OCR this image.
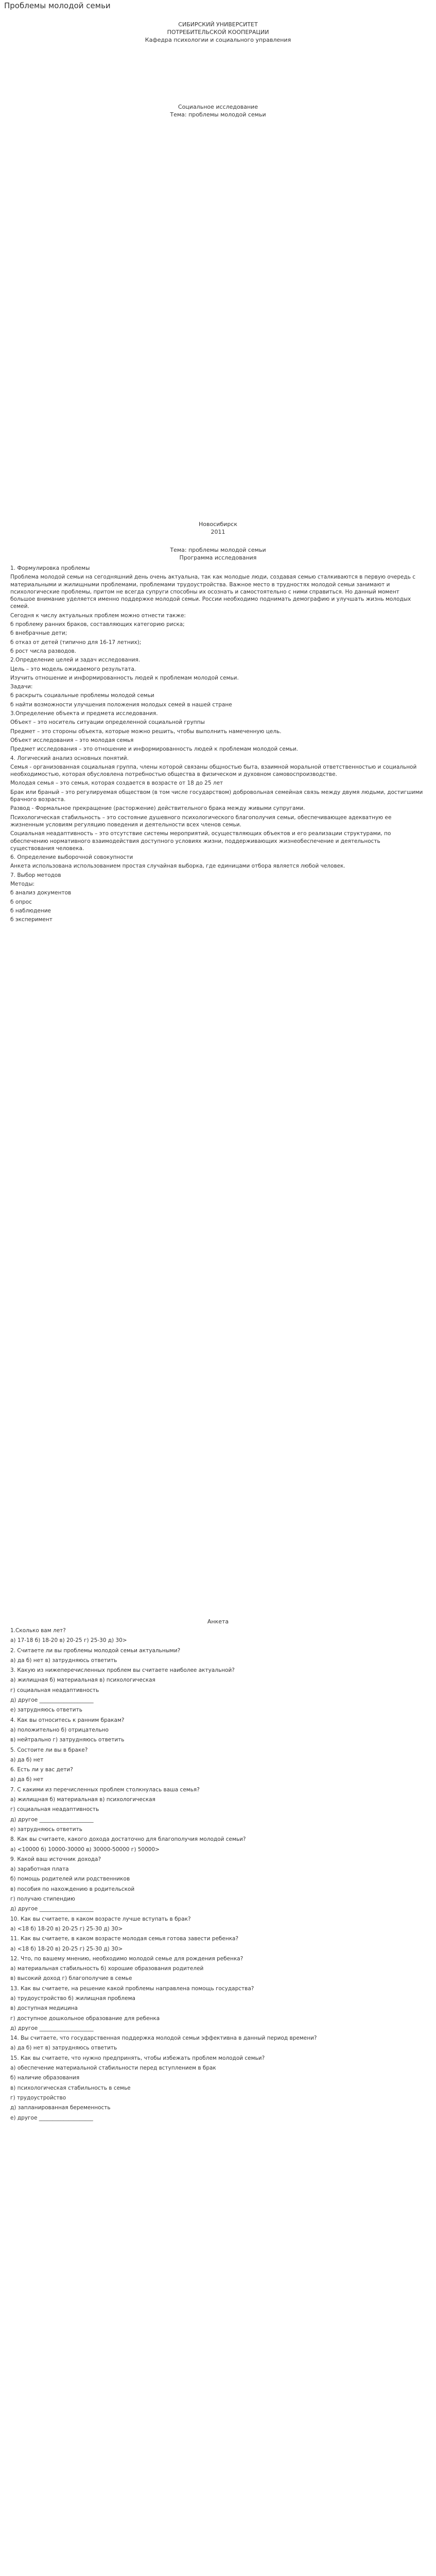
Проблемы молодой семьи
СИБИРСКИЙ УНИВЕРСИТЕТ
ПОТРЕБИТЕЛЬСКОЙ КООПЕРАЦИИ
Кафедра психологии и социального управления
Социальное исследование
Тема: проблемы молодой семьи
Новосибирск
2011
Тема: проблемы молодой семьи
Программа исследования

1. Формулировка проблемы

Проблема молодой семьи на сегодняшний день очень актуальна, так как молодые люди, создавая семью сталкиваются в первую очередь с материальными и жилищными проблемами, проблемами трудоустройства. Важное место в трудностях молодой семьи занимают и психологические проблемы, притом не всегда супруги способны их осознать и самостоятельно с ними справиться. Но данный момент большое внимание уделяется именно поддержке молодой семьи. России необходимо поднимать демографию и улучшать жизнь молодых семей.

Сегодня к числу актуальных проблем можно отнести также:

б проблему ранних браков, составляющих категорию риска;

б внебрачные дети;

б отказ от детей (типично для 16-17 летних);

б рост числа разводов.

2.Определение целей и задач исследования.

Цель – это модель ожидаемого результата.

Изучить отношение и информированность людей к проблемам молодой семьи.

Задачи:

б раскрыть социальные проблемы молодой семьи

б найти возможности улучшения положения молодых семей в нашей стране

3.Определение объекта и предмета исследования.

Объект – это носитель ситуации определенной социальной группы

Предмет – это стороны объекта, которые можно решить, чтобы выполнить намеченную цель.

Объект исследования – это молодая семья

Предмет исследования – это отношение и информированность людей к проблемам молодой семьи.

4. Логический анализ основных понятий.

Семья - организованная социальная группа, члены которой связаны общностью быта, взаимной моральной ответственностью и социальной необходимостью, которая обусловлена потребностью общества в физическом и духовном самовоспроизводстве.

Молодая семья – это семья, которая создается в возрасте от 18 до 25 лет

Брак или браный – это регулируемая обществом (в том числе государством) добровольная семейная связь между двумя людьми, достигшими брачного возраста.

Развод - Формальное прекращение (расторжение) действительного брака между живыми супругами.

Психологическая стабильность – это состояние душевного психологического благополучия семьи, обеспечивающее адекватную ее жизненным условиям регуляцию поведения и деятельности всех членов семьи.

Социальная неадаптивность – это отсутствие системы мероприятий, осуществляющих объектов и его реализации структурами, по обеспечению нормативного взаимодействия доступного условиях жизни, поддерживающих жизнеобеспечение и деятельность существования человека.

6. Определение выборочной совокупности

Анкета использована использованием простая случайная выборка, где единицами отбора является любой человек.

7. Выбор методов

Методы:

б анализ документов

б опрос

б наблюдение

б эксперимент

Анкета

1.Сколько вам лет?

а) 17-18 б) 18-20 в) 20-25 г) 25-30 д) 30>

2. Считаете ли вы проблемы молодой семьи актуальными?

а) да б) нет в) затрудняюсь ответить

3. Какую из нижеперечисленных проблем вы считаете наиболее актуальной?

а) жилищная б) материальная в) психологическая

г) социальная неадаптивность

д) другое ____________________

е) затрудняюсь ответить

4. Как вы относитесь к ранним бракам?

а) положительно б) отрицательно

в) нейтрально г) затрудняюсь ответить

5. Состоите ли вы в браке?

а) да б) нет

6. Есть ли у вас дети?

а) да б) нет

7. С какими из перечисленных проблем столкнулась ваша семья?

а) жилищная б) материальная в) психологическая

г) социальная неадаптивность

д) другое ____________________

е) затрудняюсь ответить

8. Как вы считаете, какого дохода достаточно для благополучия молодой семьи?

а) <10000 б) 10000-30000 в) 30000-50000 г) 50000>

9. Какой ваш источник дохода?

а) заработная плата

б) помощь родителей или родственников

в) пособия по нахождению в родительской

г) получаю стипендию

д) другое ____________________

10. Как вы считаете, в каком возрасте лучше вступать в брак?

а) <18 б) 18-20 в) 20-25 г) 25-30 д) 30>

11. Как вы считаете, в каком возрасте молодая семья готова завести ребенка?

а) <18 б) 18-20 в) 20-25 г) 25-30 д) 30>

12. Что, по вашему мнению, необходимо молодой семье для рождения ребенка?

а) материальная стабильность б) хорошие образования родителей

в) высокий доход г) благополучие в семье

13. Как вы считаете, на решение какой проблемы направлена помощь государства?

а) трудоустройство б) жилищная проблема

в) доступная медицина

г) доступное дошкольное образование для ребенка

д) другое ____________________

14. Вы считаете, что государственная поддержка молодой семьи эффективна в данный период времени?

а) да б) нет в) затрудняюсь ответить

15. Как вы считаете, что нужно предпринять, чтобы избежать проблем молодой семьи?

а) обеспечение материальной стабильности перед вступлением в брак

б) наличие образования

в) психологическая стабильность в семье

г) трудоустройство

д) запланированная беременность

е) другое ____________________
